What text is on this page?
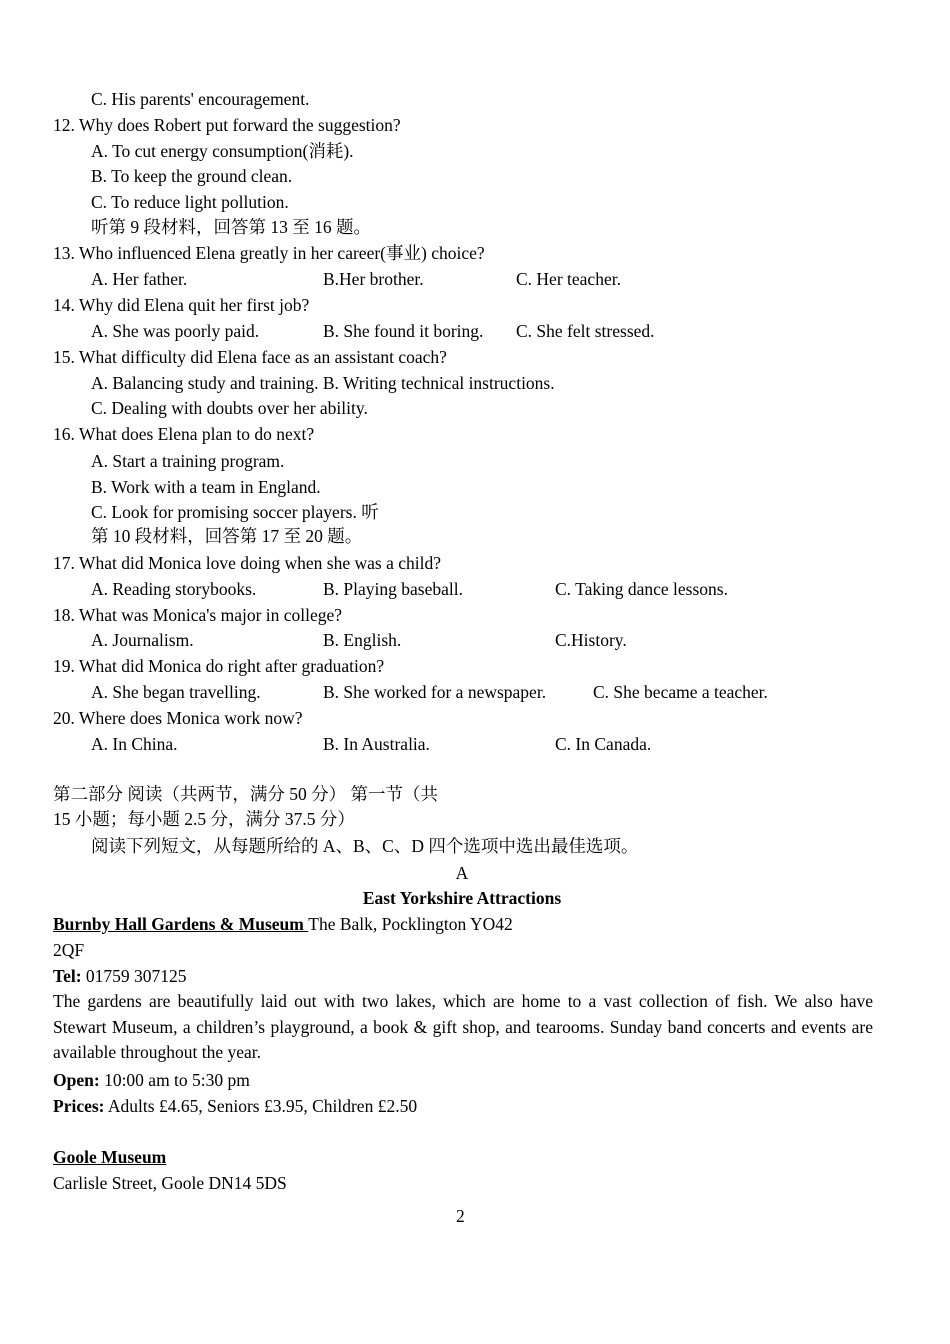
C. His parents' encouragement.
12. Why does Robert put forward the suggestion?
A. To cut energy consumption(消耗).
B. To keep the ground clean.
C. To reduce light pollution.
听第 9 段材料，回答第 13 至 16 题。
13. Who influenced Elena greatly in her career(事业) choice?
A. Her father.	B.Her brother.	C. Her teacher.
14. Why did Elena quit her first job?
A. She was poorly paid.	B. She found it boring. C. She felt stressed.
15. What difficulty did Elena face as an assistant coach?
A. Balancing study and training. B. Writing technical instructions.
C. Dealing with doubts over her ability.
16. What does Elena plan to do next?
A. Start a training program.
B. Work with a team in England.
C. Look for promising soccer players. 听
第 10 段材料，回答第 17 至 20 题。
17. What did Monica love doing when she was a child?
A. Reading storybooks.	B. Playing baseball.	C. Taking dance lessons.
18. What was Monica's major in college?
A. Journalism.	B. English.	C.History.
19. What did Monica do right after graduation?
A. She began travelling.	B. She worked for a newspaper.	C. She became a teacher.
20. Where does Monica work now?
A. In China.	B. In Australia.	C. In Canada.
第二部分 阅读（共两节，满分 50 分） 第一节（共
15 小题；每小题 2.5 分，满分 37.5 分）
阅读下列短文，从每题所给的 A、B、C、D 四个选项中选出最佳选项。
A
East Yorkshire Attractions
Burnby Hall Gardens & Museum The Balk, Pocklington YO42
2QF
Tel: 01759 307125
The gardens are beautifully laid out with two lakes, which are home to a vast collection of fish. We also have Stewart Museum, a children’s playground, a book & gift shop, and tearooms. Sunday band concerts and events are available throughout the year.
Open: 10:00 am to 5:30 pm
Prices: Adults £4.65, Seniors £3.95, Children £2.50
Goole Museum
Carlisle Street, Goole DN14 5DS
2
